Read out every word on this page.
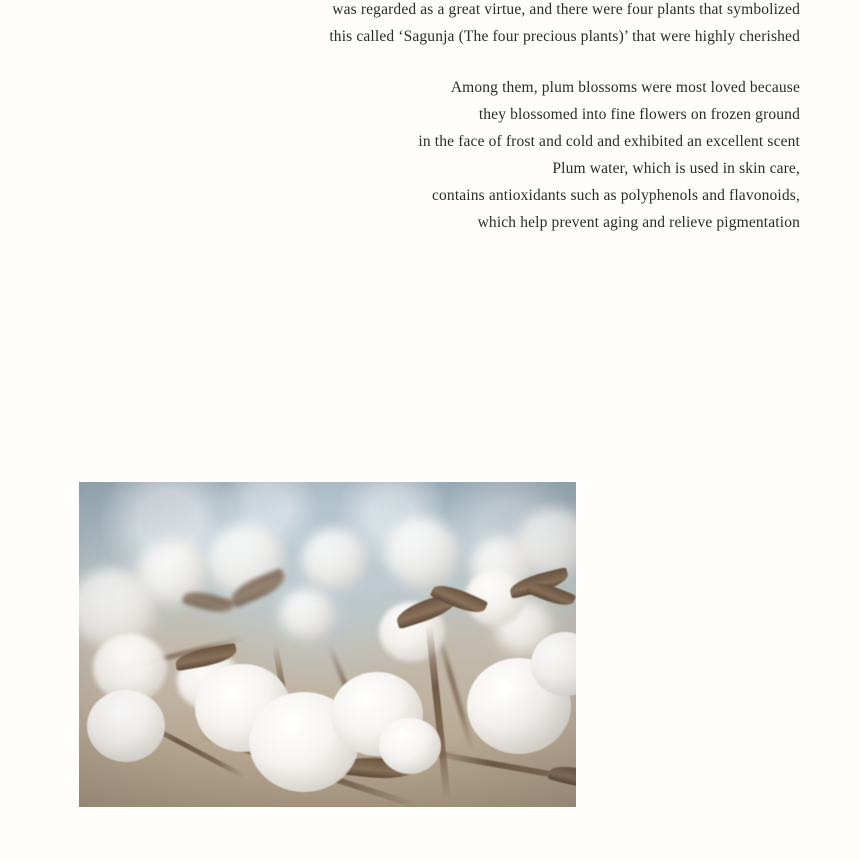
was regarded as a great virtue, and there were four plants that symbolized
this called ‘Sagunja (The four precious plants)’ that were highly cherished
Among them, plum blossoms were most loved because
they blossomed into fine flowers on frozen ground
in the face of frost and cold and exhibited an excellent scent
Plum water, which is used in skin care,
contains antioxidants such as polyphenols and flavonoids,
which help prevent aging and relieve pigmentation
